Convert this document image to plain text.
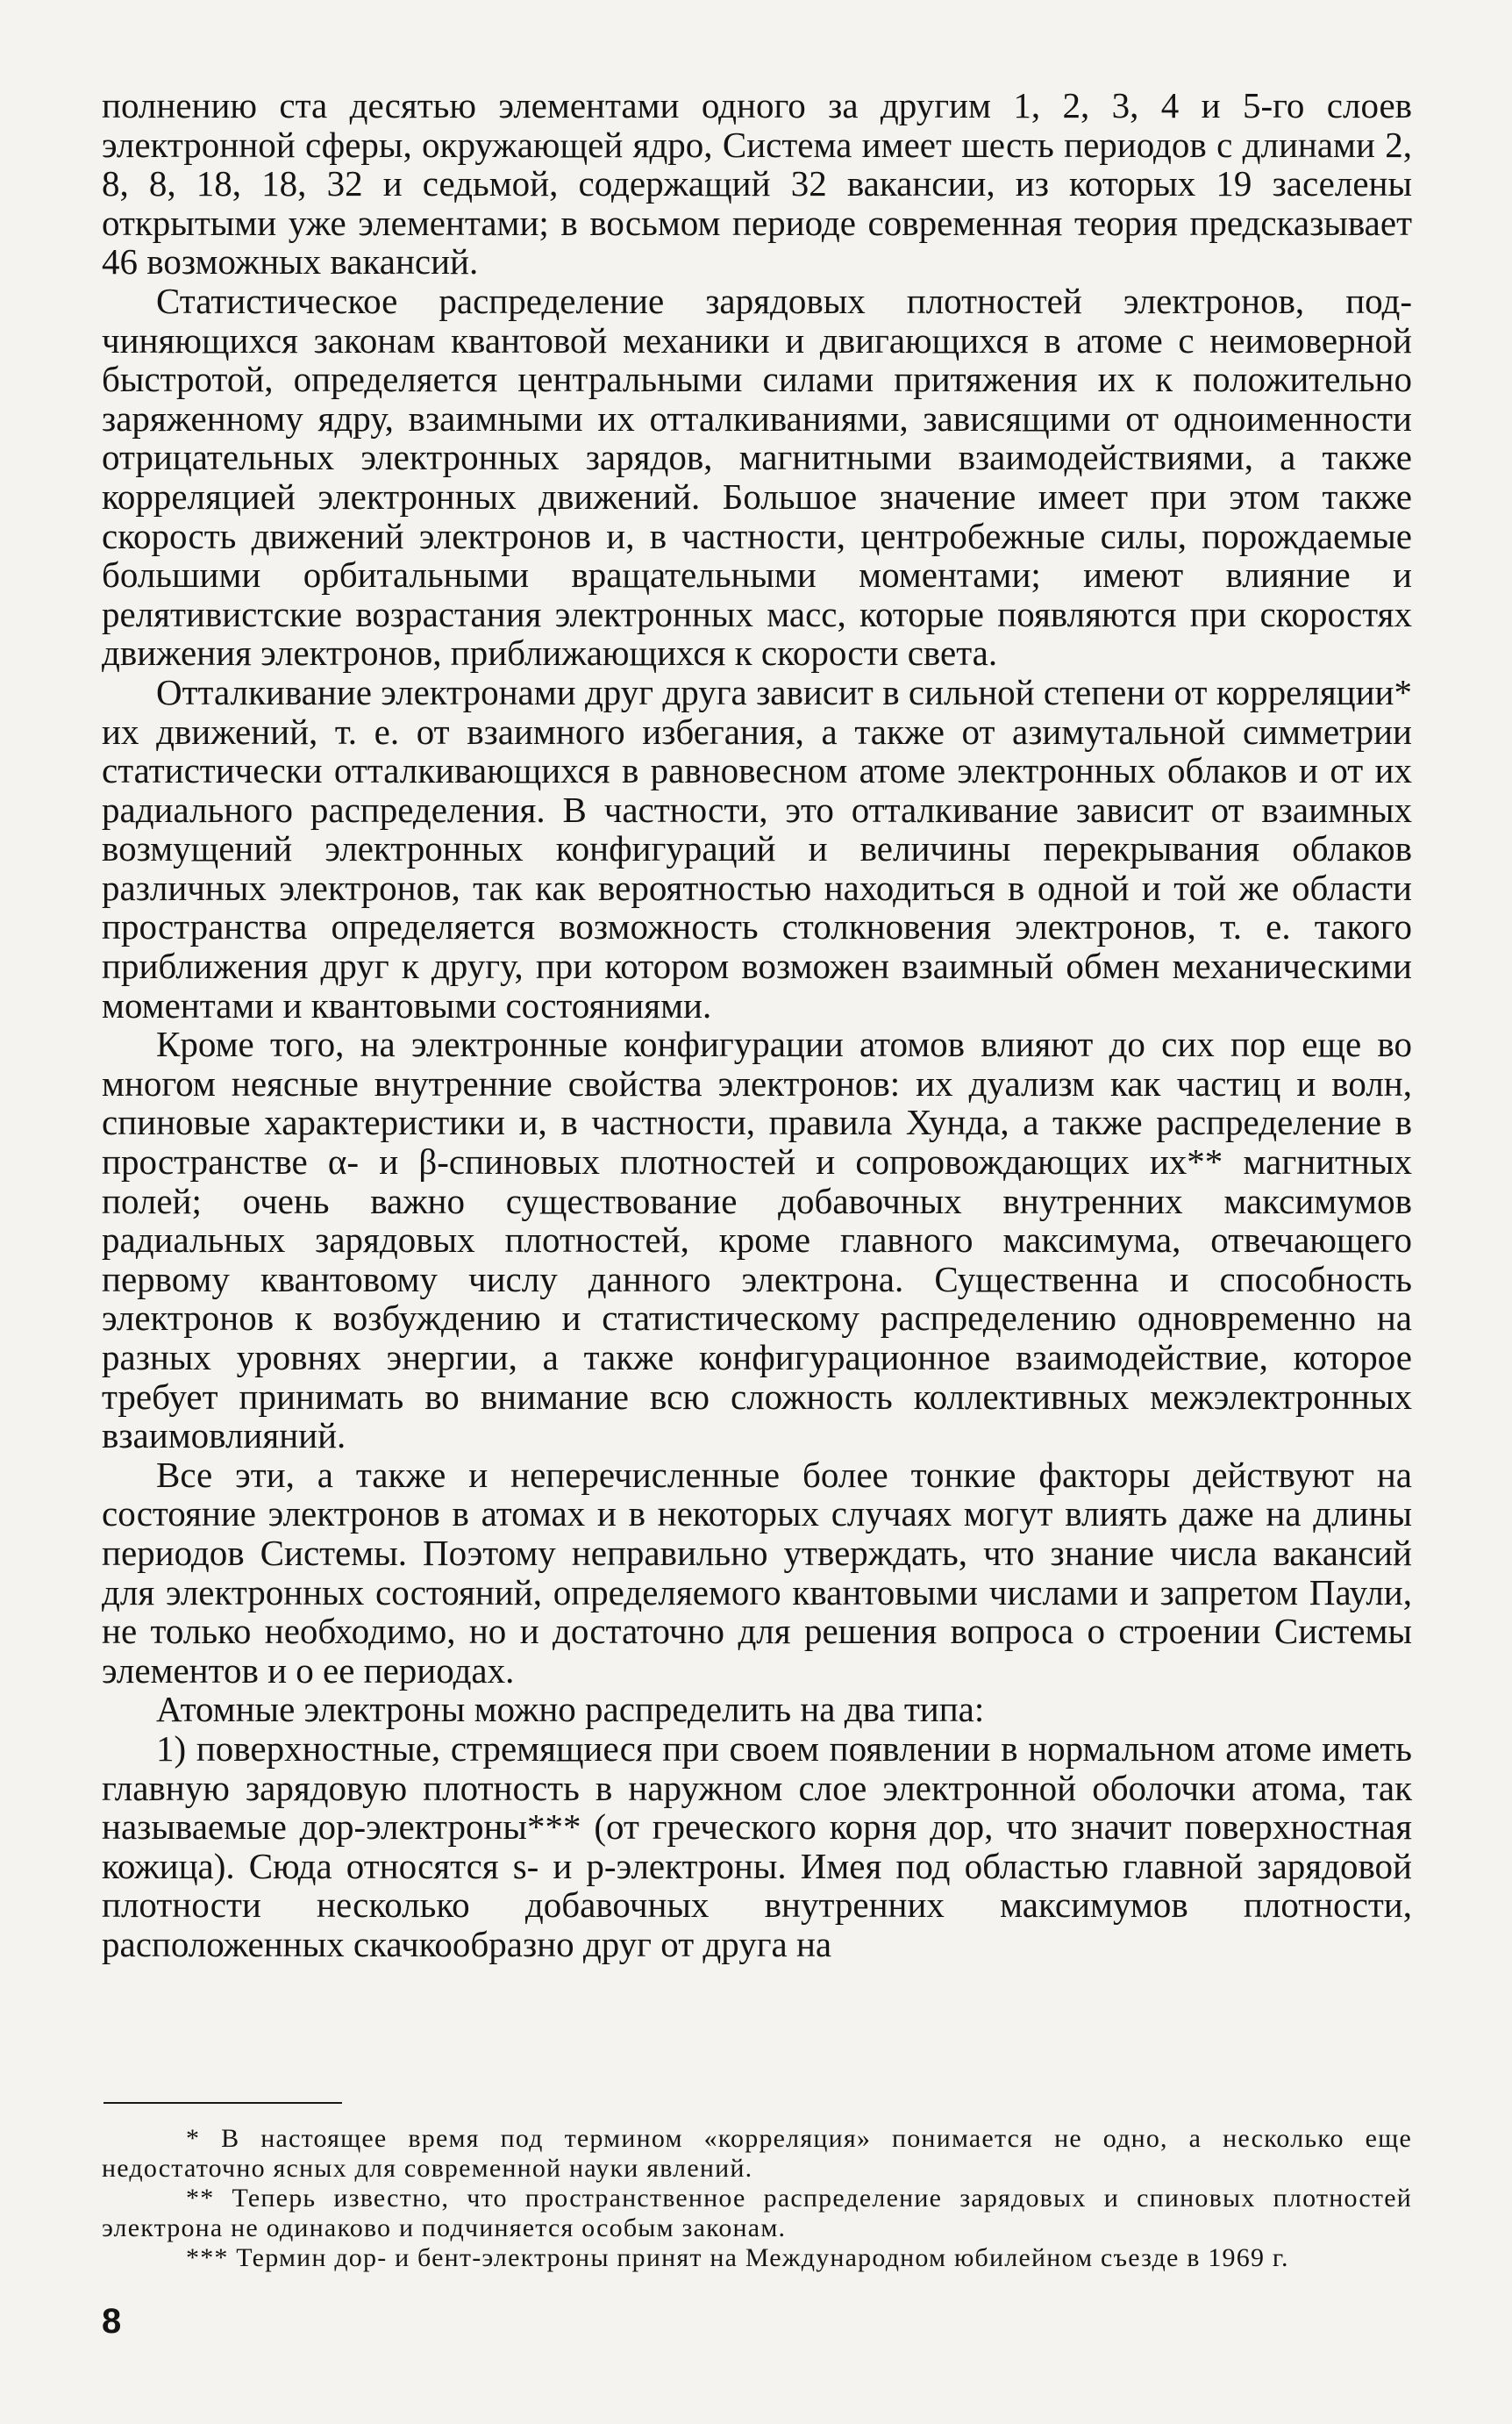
полнению ста десятью элементами одного за другим 1, 2, 3, 4 и 5-го слоев электронной сферы, окружающей ядро, Система имеет шесть периодов с длинами 2, 8, 8, 18, 18, 32 и седьмой, содержащий 32 вакансии, из которых 19 заселены открытыми уже элементами; в восьмом периоде современная теория предсказывает 46 возможных вакансий.

Статистическое распределение зарядовых плотностей электронов, подчиняющихся законам квантовой механики и двигающихся в атоме с неимоверной быстротой, определяется центральными силами притяжения их к положительно заряженному ядру, взаимными их отталкиваниями, зависящими от одноименности отрицательных электронных зарядов, магнитными взаимодействиями, а также корреляцией электронных движений. Большое значение имеет при этом также скорость движений электронов и, в частности, центробежные силы, порождаемые большими орбитальными вращательными моментами; имеют влияние и релятивистские возрастания электронных масс, которые появляются при скоростях движения электронов, приближающихся к скорости света.

Отталкивание электронами друг друга зависит в сильной степени от корреляции* их движений, т. е. от взаимного избегания, а также от азимутальной симметрии статистически отталкивающихся в равновесном атоме электронных облаков и от их радиального распределения. В частности, это отталкивание зависит от взаимных возмущений электронных конфигураций и величины перекрывания облаков различных электронов, так как вероятностью находиться в одной и той же области пространства определяется возможность столкновения электронов, т. е. такого приближения друг к другу, при котором возможен взаимный обмен механическими моментами и квантовыми состояниями.

Кроме того, на электронные конфигурации атомов влияют до сих пор еще во многом неясные внутренние свойства электронов: их дуализм как частиц и волн, спиновые характеристики и, в частности, правила Хунда, а также распределение в пространстве α- и β-спиновых плотностей и сопровождающих их** магнитных полей; очень важно существование добавочных внутренних максимумов радиальных зарядовых плотностей, кроме главного максимума, отвечающего первому квантовому числу данного электрона. Существенна и способность электронов к возбуждению и статистическому распределению одновременно на разных уровнях энергии, а также конфигурационное взаимодействие, которое требует принимать во внимание всю сложность коллективных межэлектронных взаимовлияний.

Все эти, а также и неперечисленные более тонкие факторы действуют на состояние электронов в атомах и в некоторых случаях могут влиять даже на длины периодов Системы. Поэтому неправильно утверждать, что знание числа вакансий для электронных состояний, определяемого квантовыми числами и запретом Паули, не только необходимо, но и достаточно для решения вопроса о строении Системы элементов и о ее периодах.

Атомные электроны можно распределить на два типа:

1) поверхностные, стремящиеся при своем появлении в нормальном атоме иметь главную зарядовую плотность в наружном слое электронной оболочки атома, так называемые дор-электроны*** (от греческого корня дор, что значит поверхностная кожица). Сюда относятся s- и p-электроны. Имея под областью главной зарядовой плотности несколько добавочных внутренних максимумов плотности, расположенных скачкообразно друг от друга на

* В настоящее время под термином «корреляция» понимается не одно, а несколько еще недостаточно ясных для современной науки явлений.

** Теперь известно, что пространственное распределение зарядовых и спиновых плотностей электрона не одинаково и подчиняется особым законам.

*** Термин дор- и бент-электроны принят на Международном юбилейном съезде в 1969 г.

8
